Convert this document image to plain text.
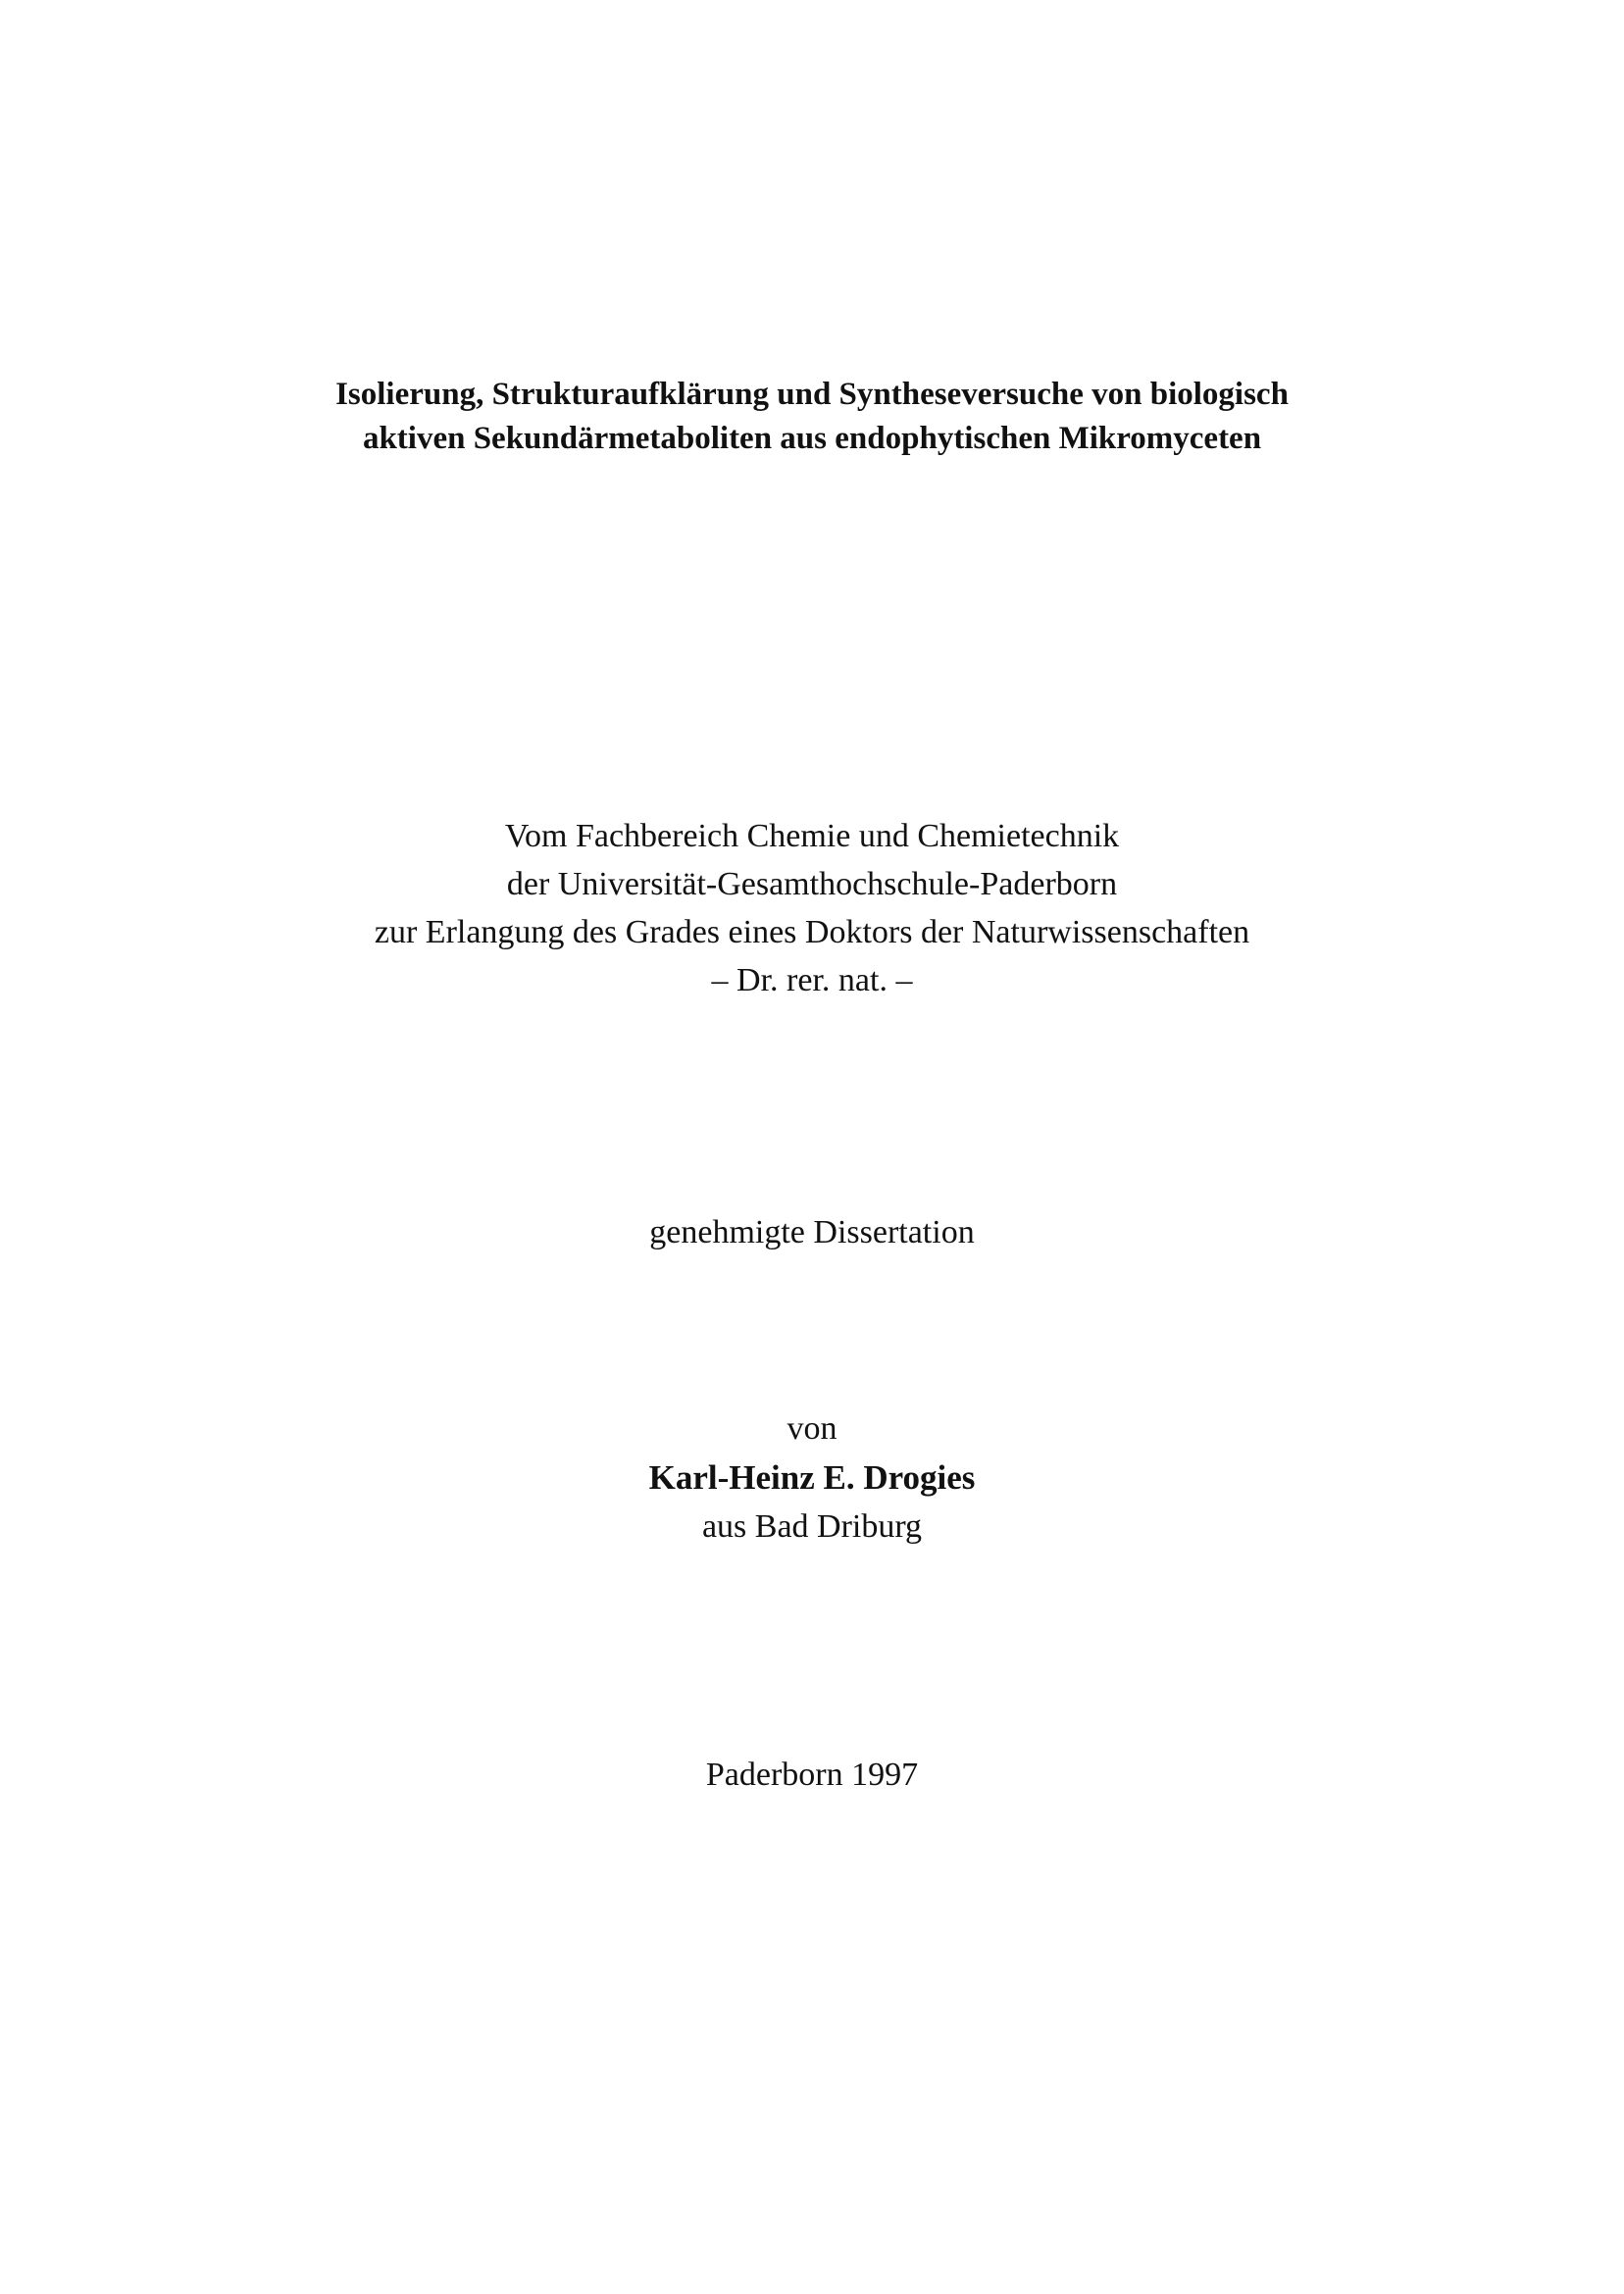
Isolierung, Strukturaufklärung und Syntheseversuche von biologisch
aktiven Sekundärmetaboliten aus endophytischen Mikromyceten
Vom Fachbereich Chemie und Chemietechnik
der Universität-Gesamthochschule-Paderborn
zur Erlangung des Grades eines Doktors der Naturwissenschaften
– Dr. rer. nat. –
genehmigte Dissertation
von
Karl-Heinz E. Drogies
aus Bad Driburg
Paderborn 1997
